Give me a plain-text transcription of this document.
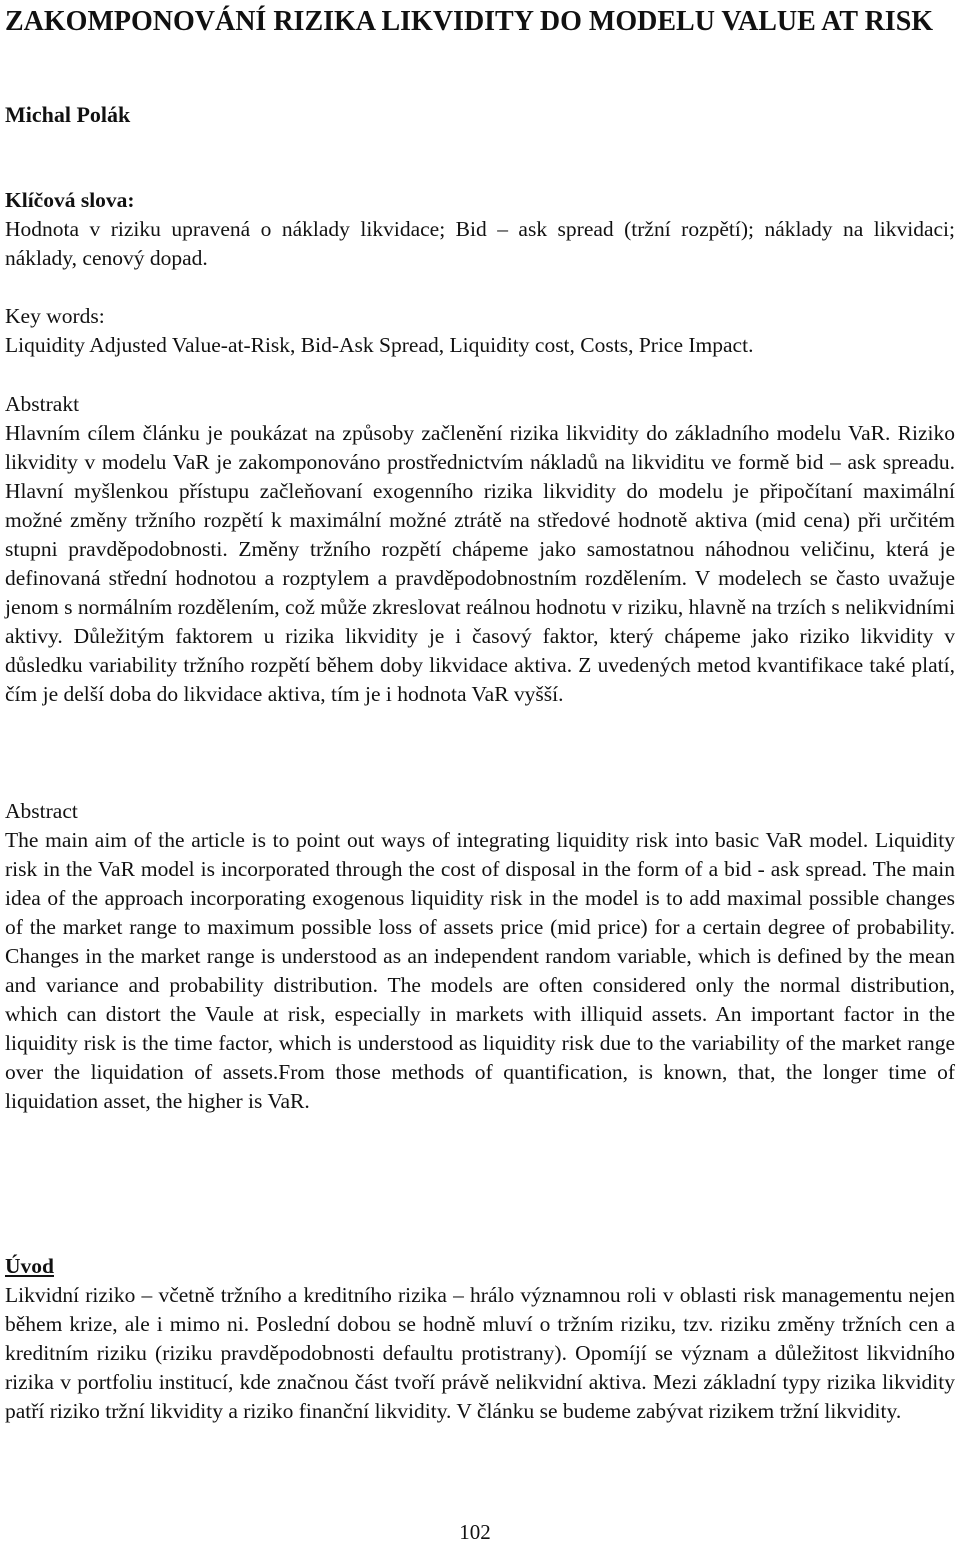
ZAKOMPONOVÁNÍ RIZIKA LIKVIDITY DO MODELU VALUE AT RISK
Michal Polák

Klíčová slova:

Hodnota v riziku upravená o náklady likvidace; Bid – ask spread (tržní rozpětí); náklady na likvidaci; náklady, cenový dopad.

Key words:

Liquidity Adjusted Value-at-Risk, Bid-Ask Spread, Liquidity cost, Costs, Price Impact.

Abstrakt

Hlavním cílem článku je poukázat na způsoby začlenění rizika likvidity do základního modelu VaR. Riziko likvidity v modelu VaR je zakomponováno prostřednictvím nákladů na likviditu ve formě bid – ask spreadu. Hlavní myšlenkou přístupu začleňovaní exogenního rizika likvidity do modelu je připočítaní maximální možné změny tržního rozpětí k maximální možné ztrátě na středové hodnotě aktiva (mid cena) při určitém stupni pravděpodobnosti. Změny tržního rozpětí chápeme jako samostatnou náhodnou veličinu, která je definovaná střední hodnotou a rozptylem a pravděpodobnostním rozdělením. V modelech se často uvažuje jenom s normálním rozdělením, což může zkreslovat reálnou hodnotu v riziku, hlavně na trzích s nelikvidními aktivy. Důležitým faktorem u rizika likvidity je i časový faktor, který chápeme jako riziko likvidity v důsledku variability tržního rozpětí během doby likvidace aktiva. Z uvedených metod kvantifikace také platí, čím je delší doba do likvidace aktiva, tím je i hodnota VaR vyšší.

Abstract

The main aim of the article is to point out ways of integrating liquidity risk into basic VaR model. Liquidity risk in the VaR model is incorporated through the cost of disposal in the form of a bid - ask spread. The main idea of the approach incorporating exogenous liquidity risk in the model is to add maximal possible changes of the market range to maximum possible loss of assets price (mid price) for a certain degree of probability. Changes in the market range is understood as an independent random variable, which is defined by the mean and variance and probability distribution. The models are often considered only the normal distribution, which can distort the Vaule at risk, especially in markets with illiquid assets. An important factor in the liquidity risk is the time factor, which is understood as liquidity risk due to the variability of the market range over the liquidation of assets.From those methods of quantification, is known, that, the longer time of liquidation asset, the higher is VaR.

Úvod

Likvidní riziko – včetně tržního a kreditního rizika – hrálo významnou roli v oblasti risk managementu nejen během krize, ale i mimo ni. Poslední dobou se hodně mluví o tržním riziku, tzv. riziku změny tržních cen a kreditním riziku (riziku pravděpodobnosti defaultu protistrany). Opomíjí se význam a důležitost likvidního rizika v portfoliu institucí, kde značnou část tvoří právě nelikvidní aktiva. Mezi základní typy rizika likvidity patří riziko tržní likvidity a riziko finanční likvidity. V článku se budeme zabývat rizikem tržní likvidity.

102
